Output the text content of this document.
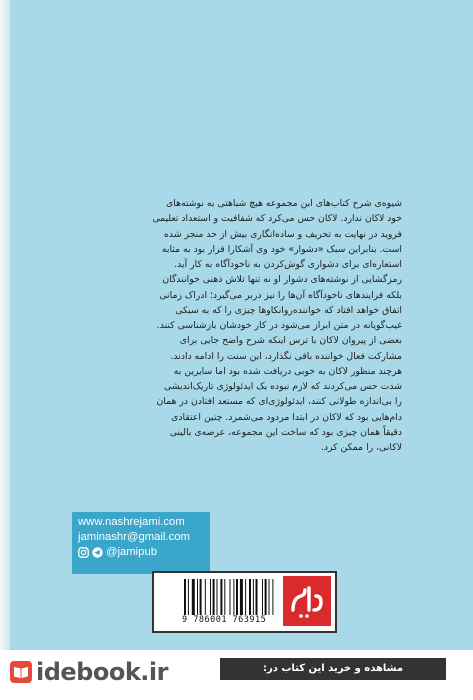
شیوه‌ی شرح کتاب‌های این مجموعه هیچ شباهتی به نوشته‌های

خود لاکان ندارد. لاکان حس می‌کرد که شفافیت و استعداد تعلیمی

فروید در نهایت به تحریف و ساده‌انگاری بیش از حد منجر شده

است. بنابراین سبک «دشوار» خود وی آشکارا قرار بود به مثابه

استعاره‌ای برای دشواری گوش‌کردن به ناخودآگاه به کار آید.

رمزگشایی از نوشته‌های دشوار او نه تنها تلاش ذهنی خوانندگان

بلکه فرایندهای ناخودآگاه آن‌ها را نیز دربر می‌گیرد؛ ادراک زمانی

اتفاق خواهد افتاد که خواننده‌روانکاوها چیزی را که به سبکی

غیب‌گویانه در متن ابراز می‌شود در کار خودشان بازشناسی کنند.

بعضی از پیروان لاکان با ترس اینکه شرح واضح جایی برای

مشارکت فعال خواننده باقی نگذارد، این سنت را ادامه دادند.

هرچند منظور لاکان به خوبی دریافت شده بود اما سایرین به

شدت حس می‌کردند که لازم نبوده یک ایدئولوژی تاریک‌اندیشی

را بی‌اندازه طولانی کنند، ایدئولوژی‌ای که مستعد افتادن در همان

دام‌هایی بود که لاکان در ابتدا مردود می‌شمرد. چنین اعتقادی

دقیقاً همان چیزی بود که ساخت این مجموعه، عرصه‌ی بالینی

لاکانی، را ممکن کرد.

www.nashrejami.com
jaminashr@gmail.com
@jamipub
9 786001 763915
idebook.ir	مشاهده و خرید این کتاب در:
